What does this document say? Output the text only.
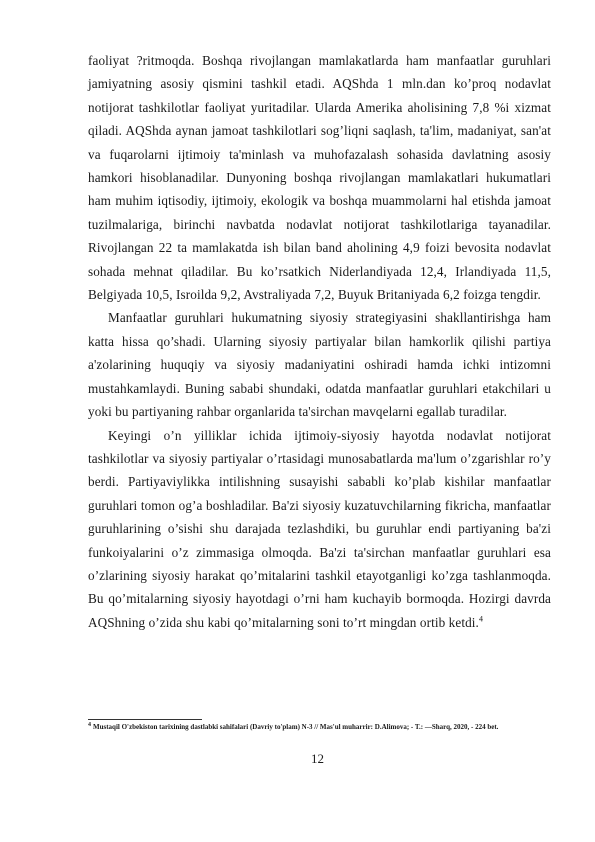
faoliyat ?ritmoqda. Boshqa rivojlangan mamlakatlarda ham manfaatlar guruhlari jamiyatning asosiy qismini tashkil etadi. AQShda 1 mln.dan ko’proq nodavlat notijorat tashkilotlar faoliyat yuritadilar. Ularda Amerika aholisining 7,8 %i xizmat qiladi. AQShda aynan jamoat tashkilotlari sog’liqni saqlash, ta'lim, madaniyat, san'at va fuqarolarni ijtimoiy ta'minlash va muhofazalash sohasida davlatning asosiy hamkori hisoblanadilar. Dunyoning boshqa rivojlangan mamlakatlari hukumatlari ham muhim iqtisodiy, ijtimoiy, ekologik va boshqa muammolarni hal etishda jamoat tuzilmalariga, birinchi navbatda nodavlat notijorat tashkilotlariga tayanadilar. Rivojlangan 22 ta mamlakatda ish bilan band aholining 4,9 foizi bevosita nodavlat sohada mehnat qiladilar. Bu ko’rsatkich Niderlandiyada 12,4, Irlandiyada 11,5, Belgiyada 10,5, Isroilda 9,2, Avstraliyada 7,2, Buyuk Britaniyada 6,2 foizga tengdir.

Manfaatlar guruhlari hukumatning siyosiy strategiyasini shakllantirishga ham katta hissa qo’shadi. Ularning siyosiy partiyalar bilan hamkorlik qilishi partiya a'zolarining huquqiy va siyosiy madaniyatini oshiradi hamda ichki intizomni mustahkamlaydi. Buning sababi shundaki, odatda manfaatlar guruhlari etakchilari u yoki bu partiyaning rahbar organlarida ta'sirchan mavqelarni egallab turadilar.

Keyingi o’n yilliklar ichida ijtimoiy-siyosiy hayotda nodavlat notijorat tashkilotlar va siyosiy partiyalar o’rtasidagi munosabatlarda ma'lum o’zgarishlar ro’y berdi. Partiyaviylikka intilishning susayishi sababli ko’plab kishilar manfaatlar guruhlari tomon og’a boshladilar. Ba'zi siyosiy kuzatuvchilarning fikricha, manfaatlar guruhlarining o’sishi shu darajada tezlashdiki, bu guruhlar endi partiyaning ba'zi funkoiyalarini o’z zimmasiga olmoqda. Ba'zi ta'sirchan manfaatlar guruhlari esa o’zlarining siyosiy harakat qo’mitalarini tashkil etayotganligi ko’zga tashlanmoqda. Bu qo’mitalarning siyosiy hayotdagi o’rni ham kuchayib bormoqda. Hozirgi davrda AQShning o’zida shu kabi qo’mitalarning soni to’rt mingdan ortib ketdi.$^4$

4 Mustaqil O'zbekiston tarixining dastlabki sahifalari (Davriy to'plam) N-3 // Mas'ul muharrir: D.Alimova; - T.: —Sharq, 2020, - 224 bet.
12
